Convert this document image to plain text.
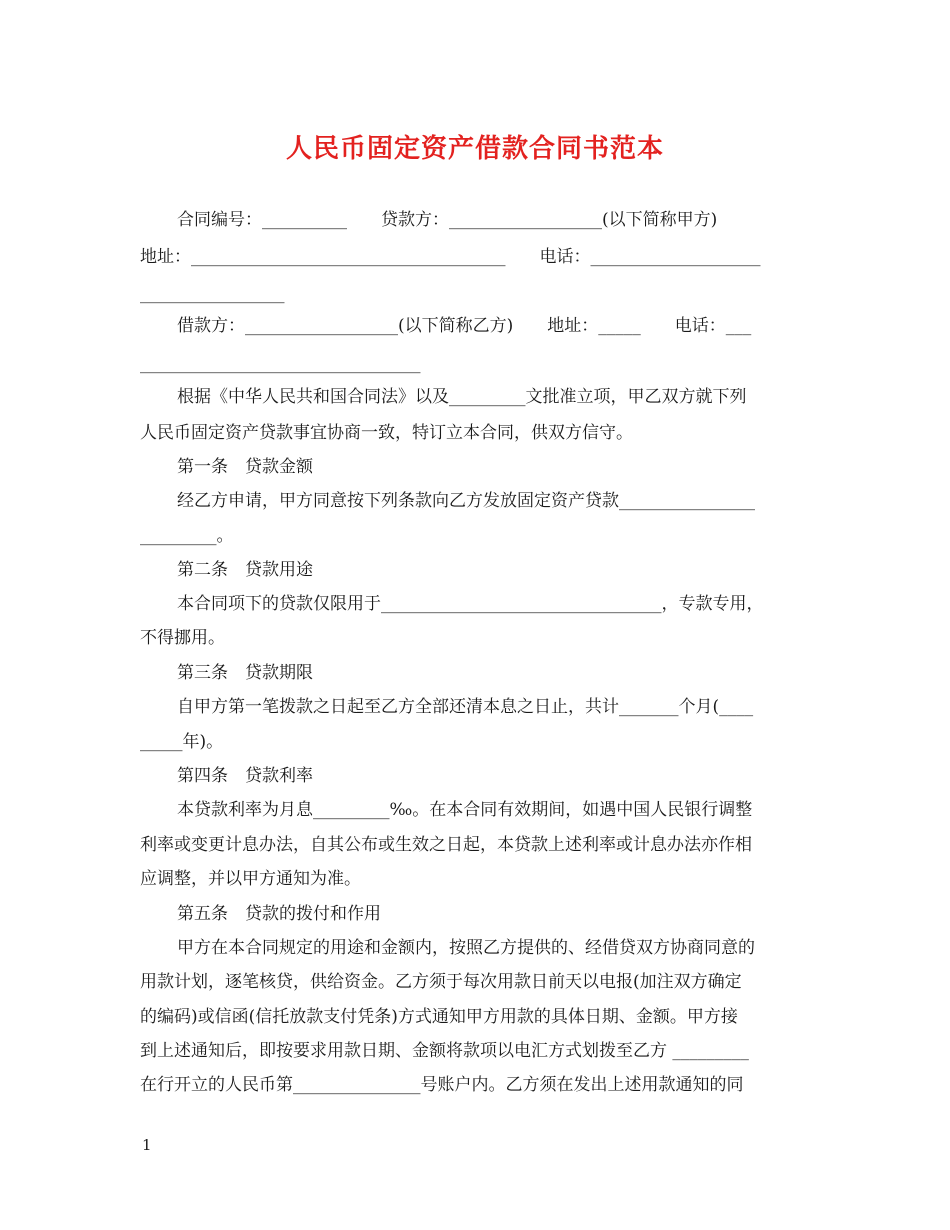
人民币固定资产借款合同书范本
合同编号：__________　　贷款方：__________________(以下简称甲方)
地址：_____________________________________　　电话：____________________
_________________
借款方：__________________(以下简称乙方)　　地址：_____　　电话：___
_________________________________
根据《中华人民共和国合同法》以及_________文批准立项，甲乙双方就下列
人民币固定资产贷款事宜协商一致，特订立本合同，供双方信守。
第一条　贷款金额
经乙方申请，甲方同意按下列条款向乙方发放固定资产贷款________________
_________。
第二条　贷款用途
本合同项下的贷款仅限用于_________________________________，专款专用，
不得挪用。
第三条　贷款期限
自甲方第一笔拨款之日起至乙方全部还清本息之日止，共计_______个月(____
_____年)。
第四条　贷款利率
本贷款利率为月息_________‰。在本合同有效期间，如遇中国人民银行调整
利率或变更计息办法，自其公布或生效之日起，本贷款上述利率或计息办法亦作相
应调整，并以甲方通知为准。
第五条　贷款的拨付和作用
甲方在本合同规定的用途和金额内，按照乙方提供的、经借贷双方协商同意的
用款计划，逐笔核贷，供给资金。乙方须于每次用款日前天以电报(加注双方确定
的编码)或信函(信托放款支付凭条)方式通知甲方用款的具体日期、金额。甲方接
到上述通知后，即按要求用款日期、金额将款项以电汇方式划拨至乙方 _________
在行开立的人民币第_______________号账户内。乙方须在发出上述用款通知的同
1
